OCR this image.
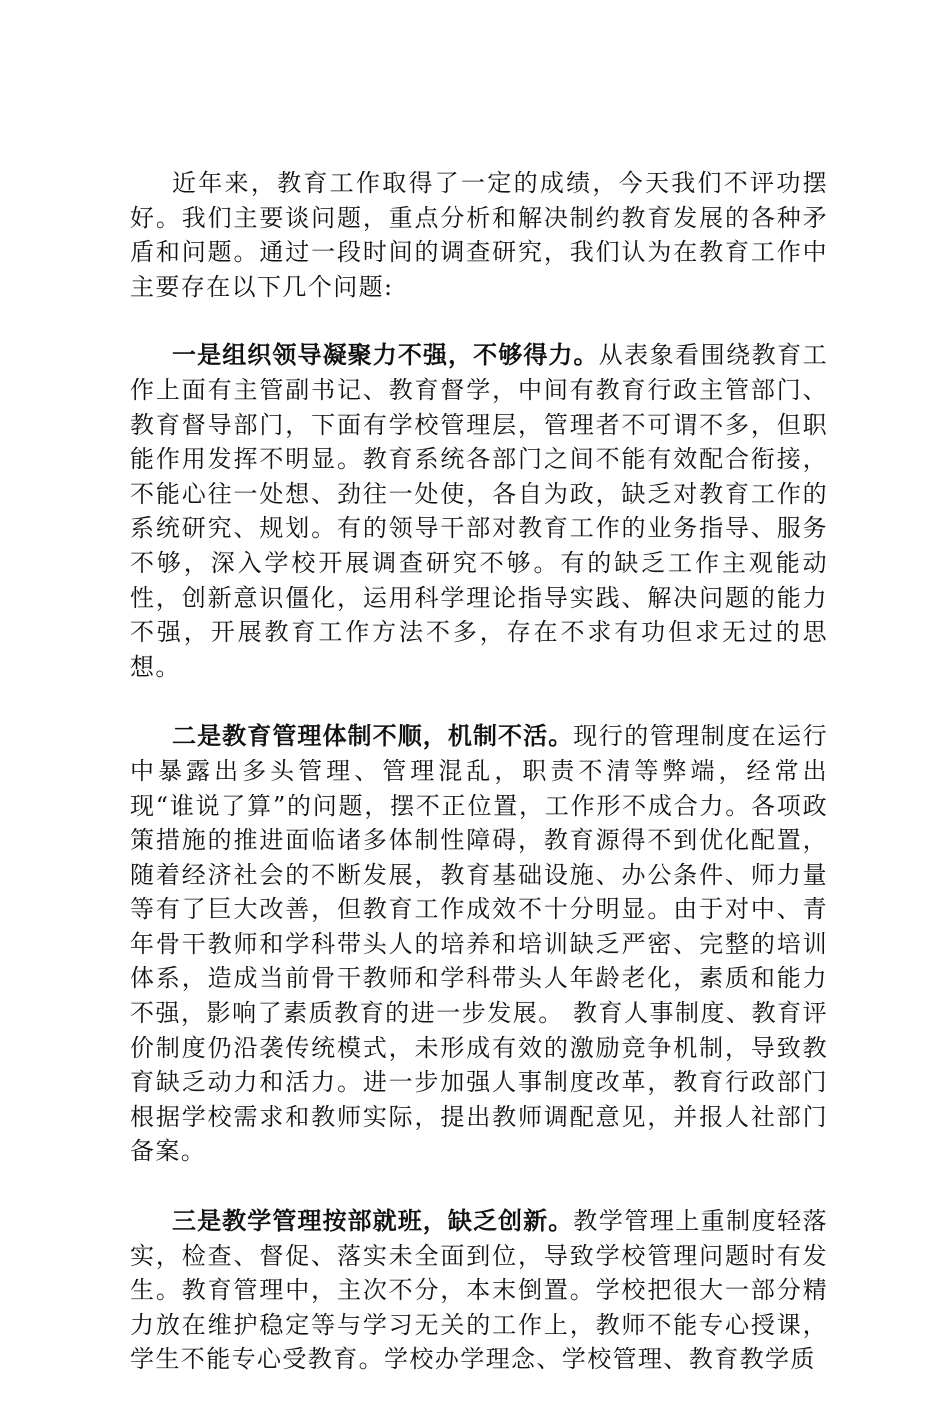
近年来，教育工作取得了一定的成绩，今天我们不评功摆好。我们主要谈问题，重点分析和解决制约教育发展的各种矛盾和问题。通过一段时间的调查研究，我们认为在教育工作中主要存在以下几个问题:

一是组织领导凝聚力不强，不够得力。从表象看围绕教育工作上面有主管副书记、教育督学，中间有教育行政主管部门、教育督导部门，下面有学校管理层，管理者不可谓不多，但职能作用发挥不明显。教育系统各部门之间不能有效配合衔接，不能心往一处想、劲往一处使，各自为政，缺乏对教育工作的系统研究、规划。有的领导干部对教育工作的业务指导、服务不够，深入学校开展调查研究不够。有的缺乏工作主观能动性，创新意识僵化，运用科学理论指导实践、解决问题的能力不强，开展教育工作方法不多，存在不求有功但求无过的思想。

二是教育管理体制不顺，机制不活。现行的管理制度在运行中暴露出多头管理、管理混乱，职责不清等弊端，经常出现“谁说了算”的问题，摆不正位置，工作形不成合力。各项政策措施的推进面临诸多体制性障碍，教育源得不到优化配置，随着经济社会的不断发展，教育基础设施、办公条件、师力量等有了巨大改善，但教育工作成效不十分明显。由于对中、青年骨干教师和学科带头人的培养和培训缺乏严密、完整的培训体系，造成当前骨干教师和学科带头人年龄老化，素质和能力不强，影响了素质教育的进一步发展。 教育人事制度、教育评价制度仍沿袭传统模式，未形成有效的激励竞争机制，导致教育缺乏动力和活力。进一步加强人事制度改革，教育行政部门根据学校需求和教师实际，提出教师调配意见，并报人社部门备案。

三是教学管理按部就班，缺乏创新。教学管理上重制度轻落实，检查、督促、落实未全面到位，导致学校管理问题时有发生。教育管理中，主次不分，本末倒置。学校把很大一部分精力放在维护稳定等与学习无关的工作上，教师不能专心授课，学生不能专心受教育。学校办学理念、学校管理、教育教学质
